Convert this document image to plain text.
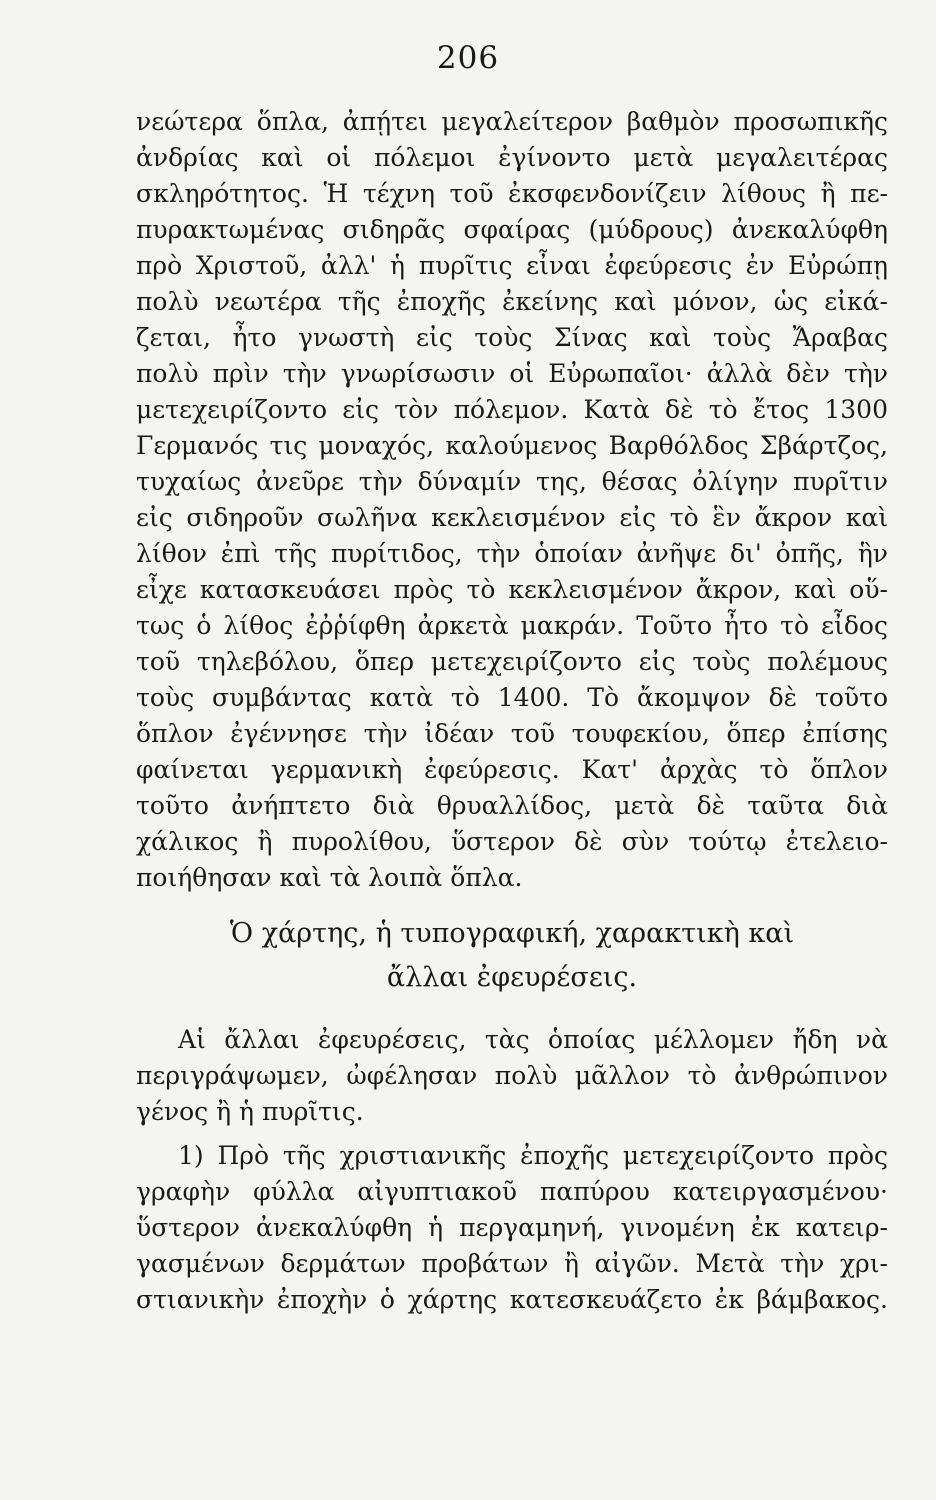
206
νεώτερα ὅπλα, ἀπῄτει μεγαλείτερον βαθμὸν προσωπικῆς
ἀνδρίας καὶ οἱ πόλεμοι ἐγίνοντο μετὰ μεγαλειτέρας
σκληρότητος. Ἡ τέχνη τοῦ ἐκσφενδονίζειν λίθους ἢ πε-
πυρακτωμένας σιδηρᾶς σφαίρας (μύδρους) ἀνεκαλύφθη
πρὸ Χριστοῦ, ἀλλ' ἡ πυρῖτις εἶναι ἐφεύρεσις ἐν Εὐρώπῃ
πολὺ νεωτέρα τῆς ἐποχῆς ἐκείνης καὶ μόνον, ὡς εἰκά-
ζεται, ἦτο γνωστὴ εἰς τοὺς Σίνας καὶ τοὺς Ἄραβας
πολὺ πρὶν τὴν γνωρίσωσιν οἱ Εὐρωπαῖοι· ἀλλὰ δὲν τὴν
μετεχειρίζοντο εἰς τὸν πόλεμον. Κατὰ δὲ τὸ ἔτος 1300
Γερμανός τις μοναχός, καλούμενος Βαρθόλδος Σβάρτζος,
τυχαίως ἀνεῦρε τὴν δύναμίν της, θέσας ὀλίγην πυρῖτιν
εἰς σιδηροῦν σωλῆνα κεκλεισμένον εἰς τὸ ἓν ἄκρον καὶ
λίθον ἐπὶ τῆς πυρίτιδος, τὴν ὁποίαν ἀνῆψε δι' ὀπῆς, ἣν
εἶχε κατασκευάσει πρὸς τὸ κεκλεισμένον ἄκρον, καὶ οὕ-
τως ὁ λίθος ἐῤῥίφθη ἀρκετὰ μακράν. Τοῦτο ἦτο τὸ εἶδος
τοῦ τηλεβόλου, ὅπερ μετεχειρίζοντο εἰς τοὺς πολέμους
τοὺς συμβάντας κατὰ τὸ 1400. Τὸ ἄκομψον δὲ τοῦτο
ὅπλον ἐγέννησε τὴν ἰδέαν τοῦ τουφεκίου, ὅπερ ἐπίσης
φαίνεται γερμανικὴ ἐφεύρεσις. Κατ' ἀρχὰς τὸ ὅπλον
τοῦτο ἀνήπτετο διὰ θρυαλλίδος, μετὰ δὲ ταῦτα διὰ
χάλικος ἢ πυρολίθου, ὕστερον δὲ σὺν τούτῳ ἐτελειο-
ποιήθησαν καὶ τὰ λοιπὰ ὅπλα.
Ὁ χάρτης, ἡ τυπογραφική, χαρακτικὴ καὶ
ἄλλαι ἐφευρέσεις.
Αἱ ἄλλαι ἐφευρέσεις, τὰς ὁποίας μέλλομεν ἤδη νὰ
περιγράψωμεν, ὠφέλησαν πολὺ μᾶλλον τὸ ἀνθρώπινον
γένος ἢ ἡ πυρῖτις.
1) Πρὸ τῆς χριστιανικῆς ἐποχῆς μετεχειρίζοντο πρὸς
γραφὴν φύλλα αἰγυπτιακοῦ παπύρου κατειργασμένου·
ὕστερον ἀνεκαλύφθη ἡ περγαμηνή, γινομένη ἐκ κατειρ-
γασμένων δερμάτων προβάτων ἢ αἰγῶν. Μετὰ τὴν χρι-
στιανικὴν ἐποχὴν ὁ χάρτης κατεσκευάζετο ἐκ βάμβακος.
